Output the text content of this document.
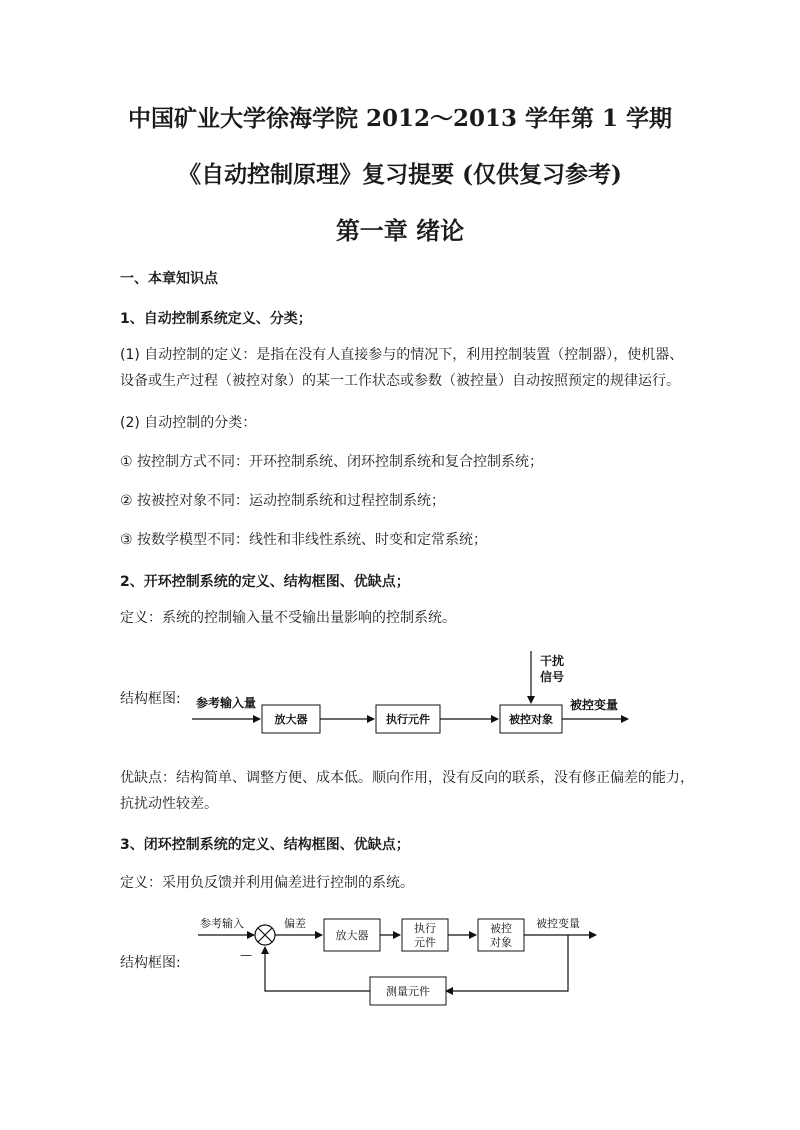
中国矿业大学徐海学院 2012～2013 学年第 1 学期
《自动控制原理》复习提要 (仅供复习参考)
第一章 绪论
一、本章知识点
1、自动控制系统定义、分类；
(1) 自动控制的定义：是指在没有人直接参与的情况下，利用控制装置（控制器），使机器、设备或生产过程（被控对象）的某一工作状态或参数（被控量）自动按照预定的规律运行。
(2) 自动控制的分类：
① 按控制方式不同：开环控制系统、闭环控制系统和复合控制系统；
② 按被控对象不同：运动控制系统和过程控制系统；
③ 按数学模型不同：线性和非线性系统、时变和定常系统；
2、开环控制系统的定义、结构框图、优缺点；
定义：系统的控制输入量不受输出量影响的控制系统。
结构框图: 参考输入量
放大器	执行元件	被控对象
被控变量
干扰
信号
优缺点：结构简单、调整方便、成本低。顺向作用，没有反向的联系，没有修正偏差的能力，抗扰动性较差。
3、闭环控制系统的定义、结构框图、优缺点；
定义：采用负反馈并利用偏差进行控制的系统。
结构框图:
参考输入
—
偏差
放大器
执行
元件
被控
对象
被控变量
测量元件
